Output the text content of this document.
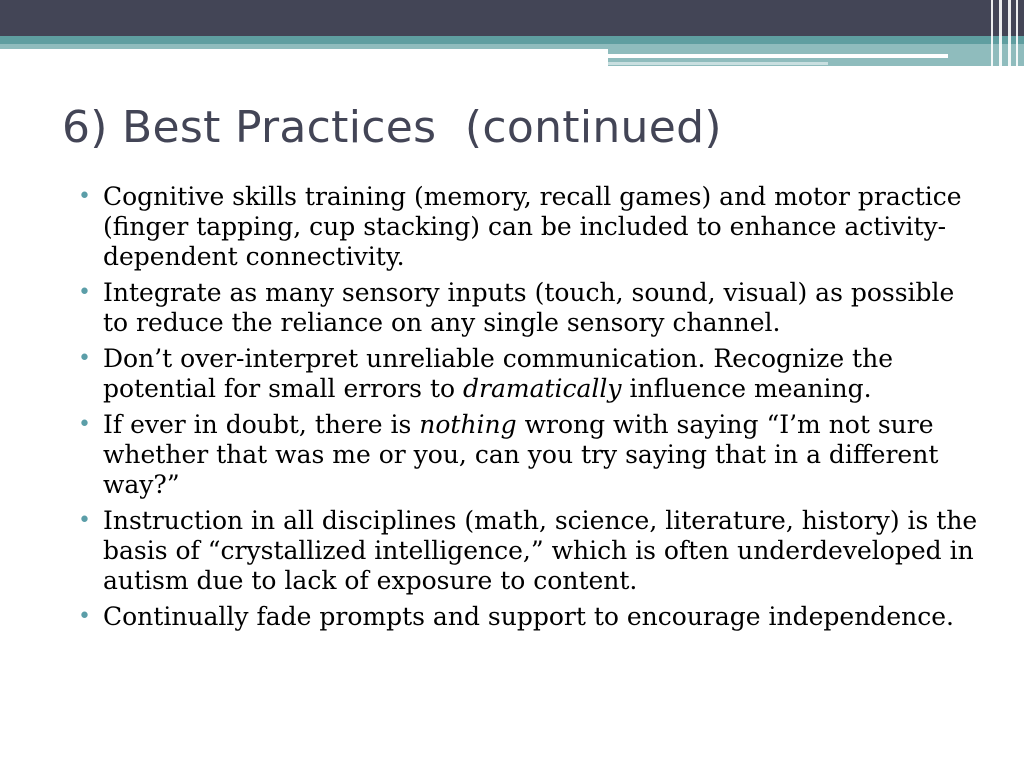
6) Best Practices  (continued)
• Cognitive skills training (memory, recall games) and motor practice (finger tapping, cup stacking) can be included to enhance activity-dependent connectivity.
• Integrate as many sensory inputs (touch, sound, visual) as possible to reduce the reliance on any single sensory channel.
• Don’t over-interpret unreliable communication. Recognize the potential for small errors to dramatically influence meaning.
• If ever in doubt, there is nothing wrong with saying “I’m not sure whether that was me or you, can you try saying that in a different way?”
• Instruction in all disciplines (math, science, literature, history) is the basis of “crystallized intelligence,” which is often underdeveloped in autism due to lack of exposure to content.
• Continually fade prompts and support to encourage independence.
